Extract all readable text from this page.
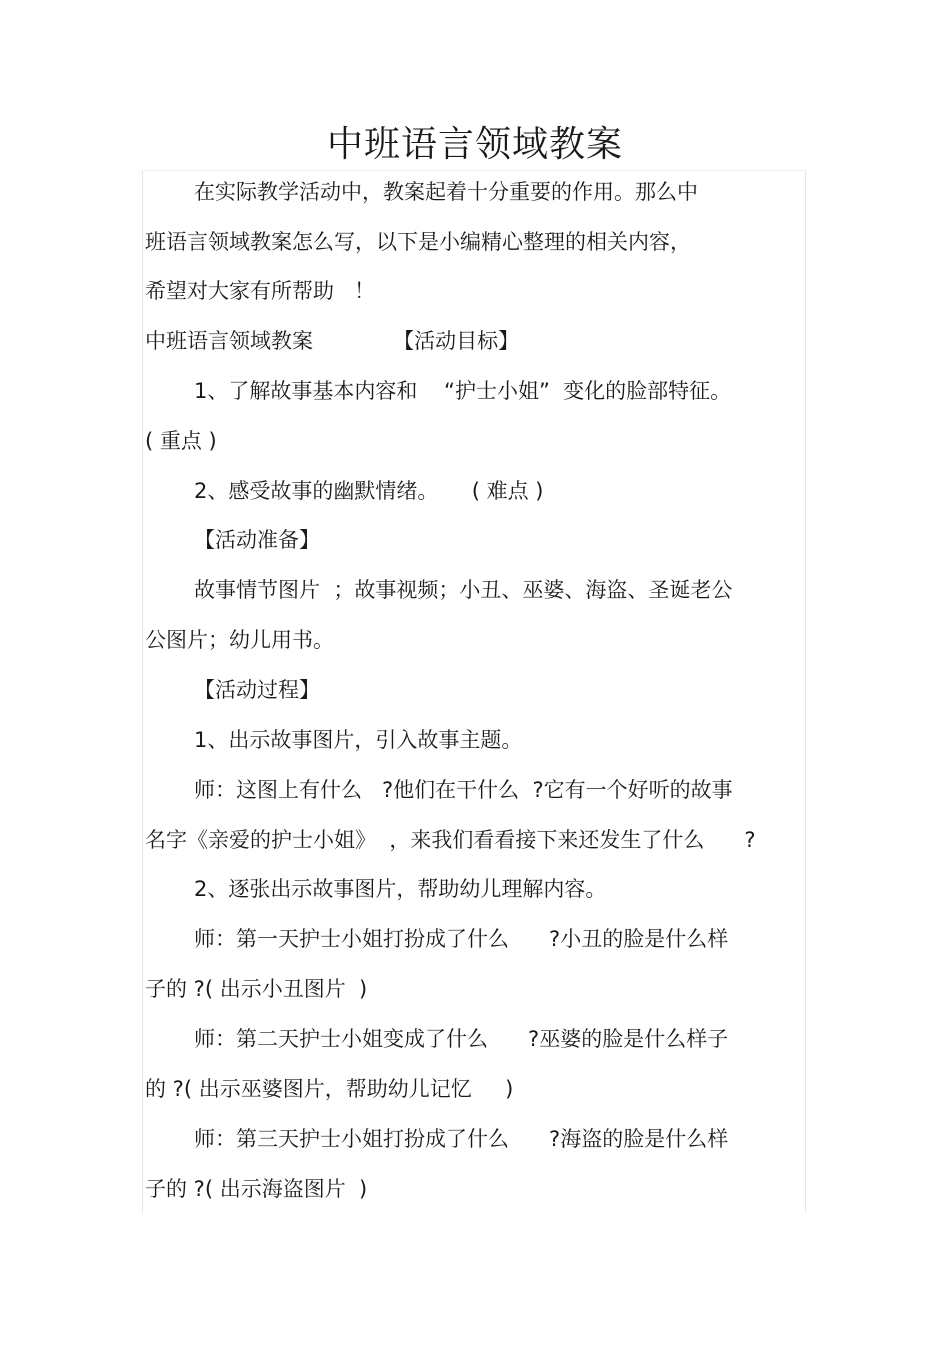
中班语言领域教案

在实际教学活动中，教案起着十分重要的作用。那么中

班语言领域教案怎么写，以下是小编精心整理的相关内容，

希望对大家有所帮助   ！

中班语言领域教案            【活动目标】

1、了解故事基本内容和    “护士小姐”  变化的脸部特征。

( 重点 )

2、感受故事的幽默情绪。     ( 难点 )

【活动准备】

故事情节图片  ；故事视频；小丑、巫婆、海盗、圣诞老公

公图片；幼儿用书。

【活动过程】

1、出示故事图片，引入故事主题。

师：这图上有什么   ?他们在干什么  ?它有一个好听的故事

名字《亲爱的护士小姐》  ，来我们看看接下来还发生了什么      ?

2、逐张出示故事图片，帮助幼儿理解内容。

师：第一天护士小姐打扮成了什么      ?小丑的脸是什么样

子的 ?( 出示小丑图片  )

师：第二天护士小姐变成了什么      ?巫婆的脸是什么样子

的 ?( 出示巫婆图片，帮助幼儿记忆     )

师：第三天护士小姐打扮成了什么      ?海盗的脸是什么样

子的 ?( 出示海盗图片  )
